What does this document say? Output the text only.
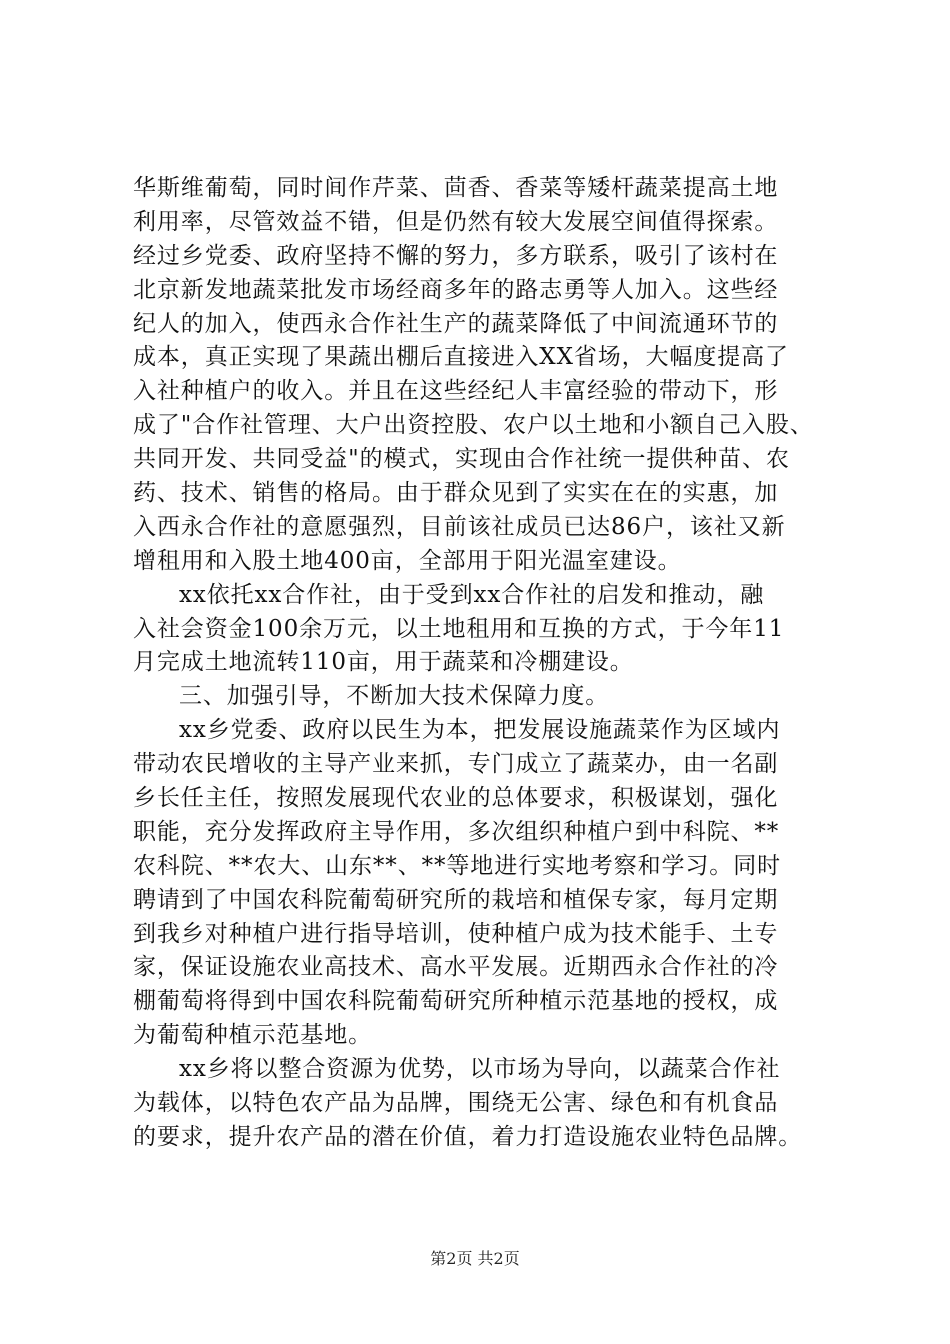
华斯维葡萄，同时间作芹菜、茴香、香菜等矮杆蔬菜提高土地
利用率，尽管效益不错，但是仍然有较大发展空间值得探索。
经过乡党委、政府坚持不懈的努力，多方联系，吸引了该村在
北京新发地蔬菜批发市场经商多年的路志勇等人加入。这些经
纪人的加入，使西永合作社生产的蔬菜降低了中间流通环节的
成本，真正实现了果蔬出棚后直接进入XX省场，大幅度提高了
入社种植户的收入。并且在这些经纪人丰富经验的带动下，形
成了"合作社管理、大户出资控股、农户以土地和小额自己入股、
共同开发、共同受益"的模式，实现由合作社统一提供种苗、农
药、技术、销售的格局。由于群众见到了实实在在的实惠，加
入西永合作社的意愿强烈，目前该社成员已达86户，该社又新
增租用和入股土地400亩，全部用于阳光温室建设。
xx依托xx合作社，由于受到xx合作社的启发和推动，融
入社会资金100余万元，以土地租用和互换的方式，于今年11
月完成土地流转110亩，用于蔬菜和冷棚建设。
三、加强引导，不断加大技术保障力度。
xx乡党委、政府以民生为本，把发展设施蔬菜作为区域内
带动农民增收的主导产业来抓，专门成立了蔬菜办，由一名副
乡长任主任，按照发展现代农业的总体要求，积极谋划，强化
职能，充分发挥政府主导作用，多次组织种植户到中科院、**
农科院、**农大、山东**、**等地进行实地考察和学习。同时
聘请到了中国农科院葡萄研究所的栽培和植保专家，每月定期
到我乡对种植户进行指导培训，使种植户成为技术能手、土专
家，保证设施农业高技术、高水平发展。近期西永合作社的冷
棚葡萄将得到中国农科院葡萄研究所种植示范基地的授权，成
为葡萄种植示范基地。
xx乡将以整合资源为优势，以市场为导向，以蔬菜合作社
为载体，以特色农产品为品牌，围绕无公害、绿色和有机食品
的要求，提升农产品的潜在价值，着力打造设施农业特色品牌。
第2页 共2页
